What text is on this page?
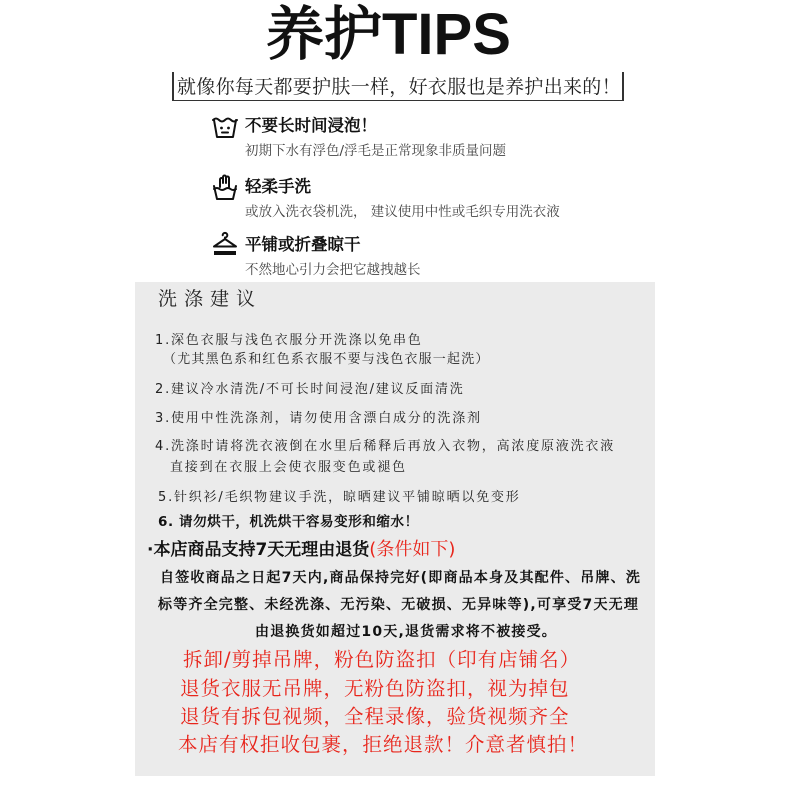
养护TIPS
就像你每天都要护肤一样，好衣服也是养护出来的！
不要长时间浸泡！
初期下水有浮色/浮毛是正常现象非质量问题
轻柔手洗
或放入洗衣袋机洗， 建议使用中性或毛织专用洗衣液
平铺或折叠晾干
不然地心引力会把它越拽越长
洗涤建议
1.深色衣服与浅色衣服分开洗涤以免串色
（尤其黑色系和红色系衣服不要与浅色衣服一起洗）
2.建议冷水清洗/不可长时间浸泡/建议反面清洗
3.使用中性洗涤剂，请勿使用含漂白成分的洗涤剂
4.洗涤时请将洗衣液倒在水里后稀释后再放入衣物，高浓度原液洗衣液
直接到在衣服上会使衣服变色或褪色
5.针织衫/毛织物建议手洗，晾晒建议平铺晾晒以免变形
6. 请勿烘干，机洗烘干容易变形和缩水！
·本店商品支持7天无理由退货(条件如下)
自签收商品之日起7天内,商品保持完好(即商品本身及其配件、吊牌、洗
标等齐全完整、未经洗涤、无污染、无破损、无异味等),可享受7天无理
由退换货如超过10天,退货需求将不被接受。
拆卸/剪掉吊牌，粉色防盗扣（印有店铺名）
退货衣服无吊牌，无粉色防盗扣，视为掉包
退货有拆包视频，全程录像，验货视频齐全
本店有权拒收包裹，拒绝退款！介意者慎拍！
